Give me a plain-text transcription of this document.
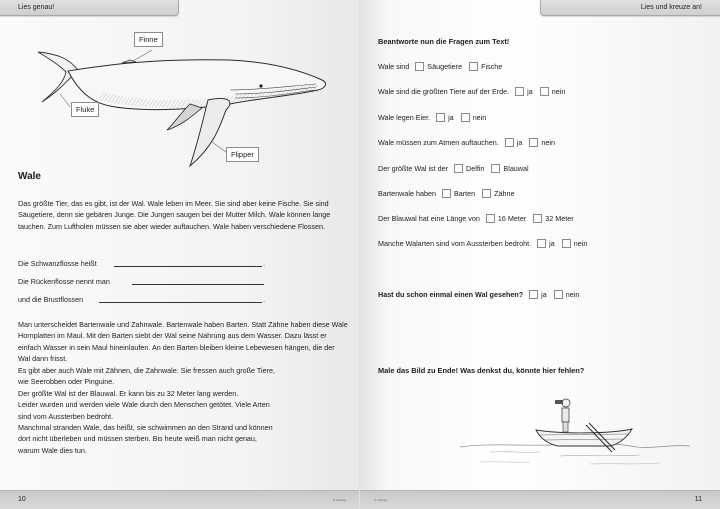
Lies genau!
Finne
Fluke
Flipper
Wale

Das größte Tier, das es gibt, ist der Wal. Wale leben im Meer. Sie sind aber keine Fische. Sie sind Säugetiere, denn sie gebären Junge. Die Jungen saugen bei der Mutter Milch. Wale können lange tauchen. Zum Luftholen müssen sie aber wieder auftauchen. Wale haben verschiedene Flossen.

Die Schwanzflosse heißt	.
Die Rückenflosse nennt man
und die Brustflossen	.

Man unterscheidet Bartenwale und Zahnwale. Bartenwale haben Barten. Statt Zähne haben diese Wale Hornplatten im Maul. Mit den Barten siebt der Wal seine Nahrung aus dem Wasser. Dazu lässt er einfach Wasser in sein Maul hineinlaufen. An den Barten bleiben kleine Lebewesen hängen, die der Wal dann frisst.

Es gibt aber auch Wale mit Zähnen, die Zahnwale. Sie fressen auch große Tiere,
wie Seerobben oder Pinguine.
Der größte Wal ist der Blauwal. Er kann bis zu 32 Meter lang werden.
Leider wurden und werden viele Wale durch den Menschen getötet. Viele Arten
sind vom Aussterben bedroht.
Manchmal stranden Wale, das heißt, sie schwimmen an den Strand und können
dort nicht überleben und müssen sterben. Bis heute weiß man nicht genau,
warum Wale dies tun.
10	© Verlag
Lies und kreuze an!
Beantworte nun die Fragen zum Text!
Wale sind	Säugetiere	Fische
Wale sind die größten Tiere auf der Erde.	ja	nein
Wale legen Eier.	ja	nein
Wale müssen zum Atmen auftauchen.	ja	nein
Der größte Wal ist der	Delfin	Blauwal
Bartenwale haben	Barten	Zähne
Der Blauwal hat eine Länge von	16 Meter	32 Meter
Manche Walarten sind vom Aussterben bedroht.	ja	nein
Hast du schon einmal einen Wal gesehen?	ja	nein
Male das Bild zu Ende! Was denkst du, könnte hier fehlen?
© Verlag	11
